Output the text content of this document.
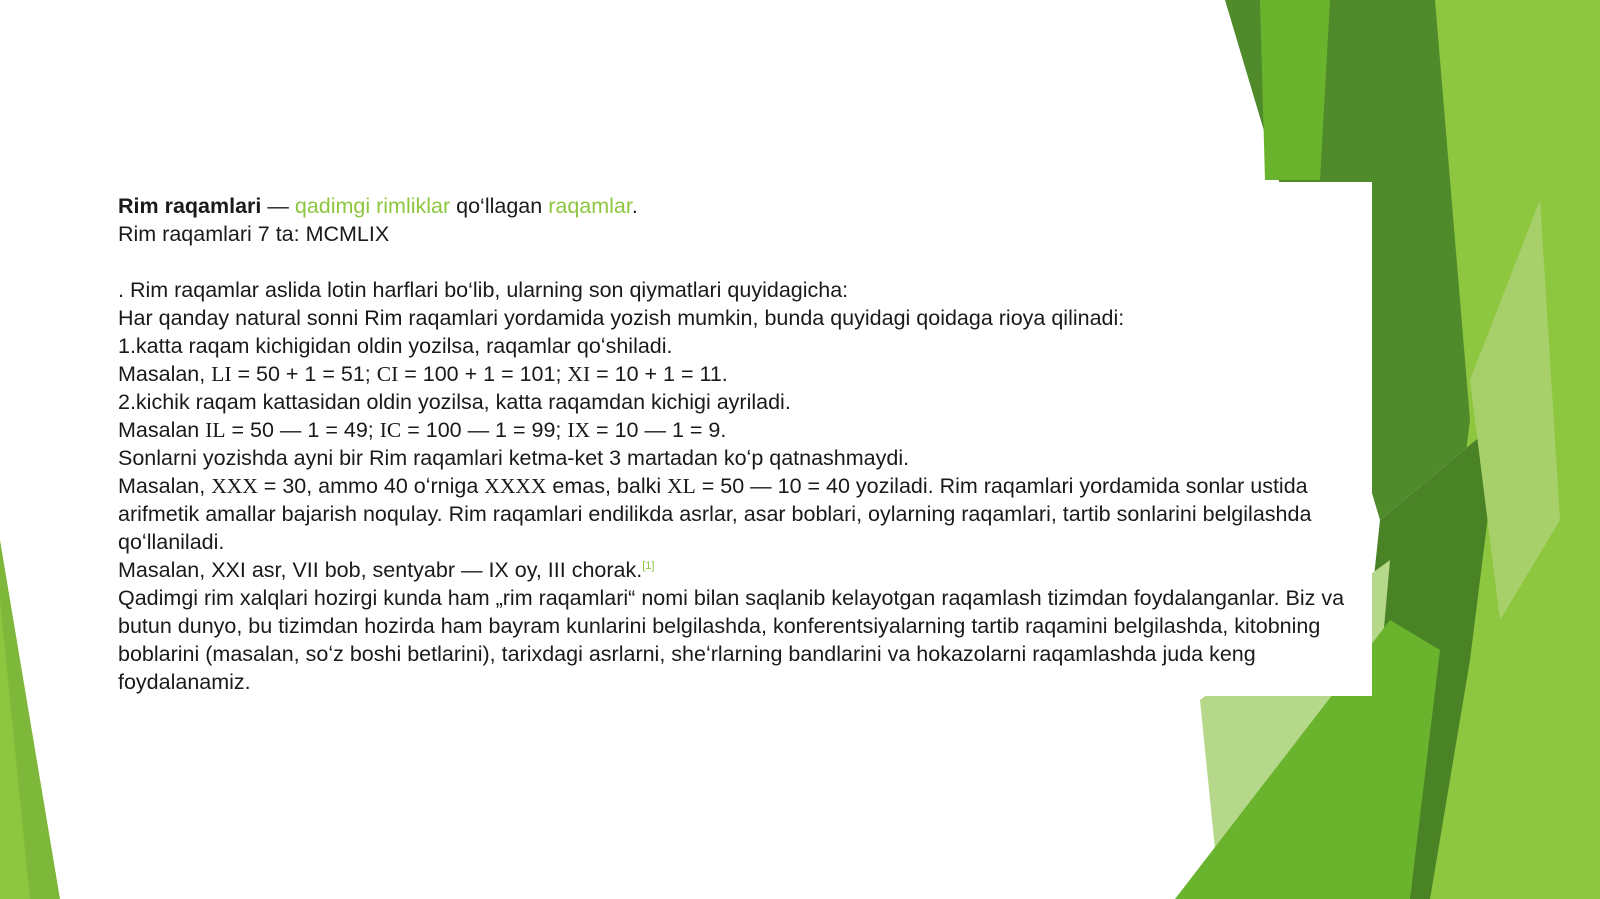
Rim raqamlari — qadimgi rimliklar qo‘llagan raqamlar.

Rim raqamlari 7 ta: MCMLIX

. Rim raqamlar aslida lotin harflari bo‘lib, ularning son qiymatlari quyidagicha:

Har qanday natural sonni Rim raqamlari yordamida yozish mumkin, bunda quyidagi qoidaga rioya qilinadi:

1.katta raqam kichigidan oldin yozilsa, raqamlar qoʻshiladi.

Masalan, LI = 50 + 1 = 51; CI = 100 + 1 = 101; XI = 10 + 1 = 11.

2.kichik raqam kattasidan oldin yozilsa, katta raqamdan kichigi ayriladi.

Masalan IL = 50 — 1 = 49; IC = 100 — 1 = 99; IX = 10 — 1 = 9.

Sonlarni yozishda ayni bir Rim raqamlari ketma-ket 3 martadan koʻp qatnashmaydi.

Masalan, XXX = 30, ammo 40 oʻrniga XXXX emas, balki XL = 50 — 10 = 40 yoziladi. Rim raqamlari yordamida sonlar ustida arifmetik amallar bajarish noqulay. Rim raqamlari endilikda asrlar, asar boblari, oylarning raqamlari, tartib sonlarini belgilashda qoʻllaniladi.

Masalan, XXI asr, VII bob, sentyabr — IX oy, III chorak.[1]

Qadimgi rim xalqlari hozirgi kunda ham „rim raqamlari“ nomi bilan saqlanib kelayotgan raqamlash tizimdan foydalanganlar. Biz va butun dunyo, bu tizimdan hozirda ham bayram kunlarini belgilashda, konferentsiyalarning tartib raqamini belgilashda, kitobning boblarini (masalan, soʻz boshi betlarini), tarixdagi asrlarni, sheʻrlarning bandlarini va hokazolarni raqamlashda juda keng foydalanamiz.
